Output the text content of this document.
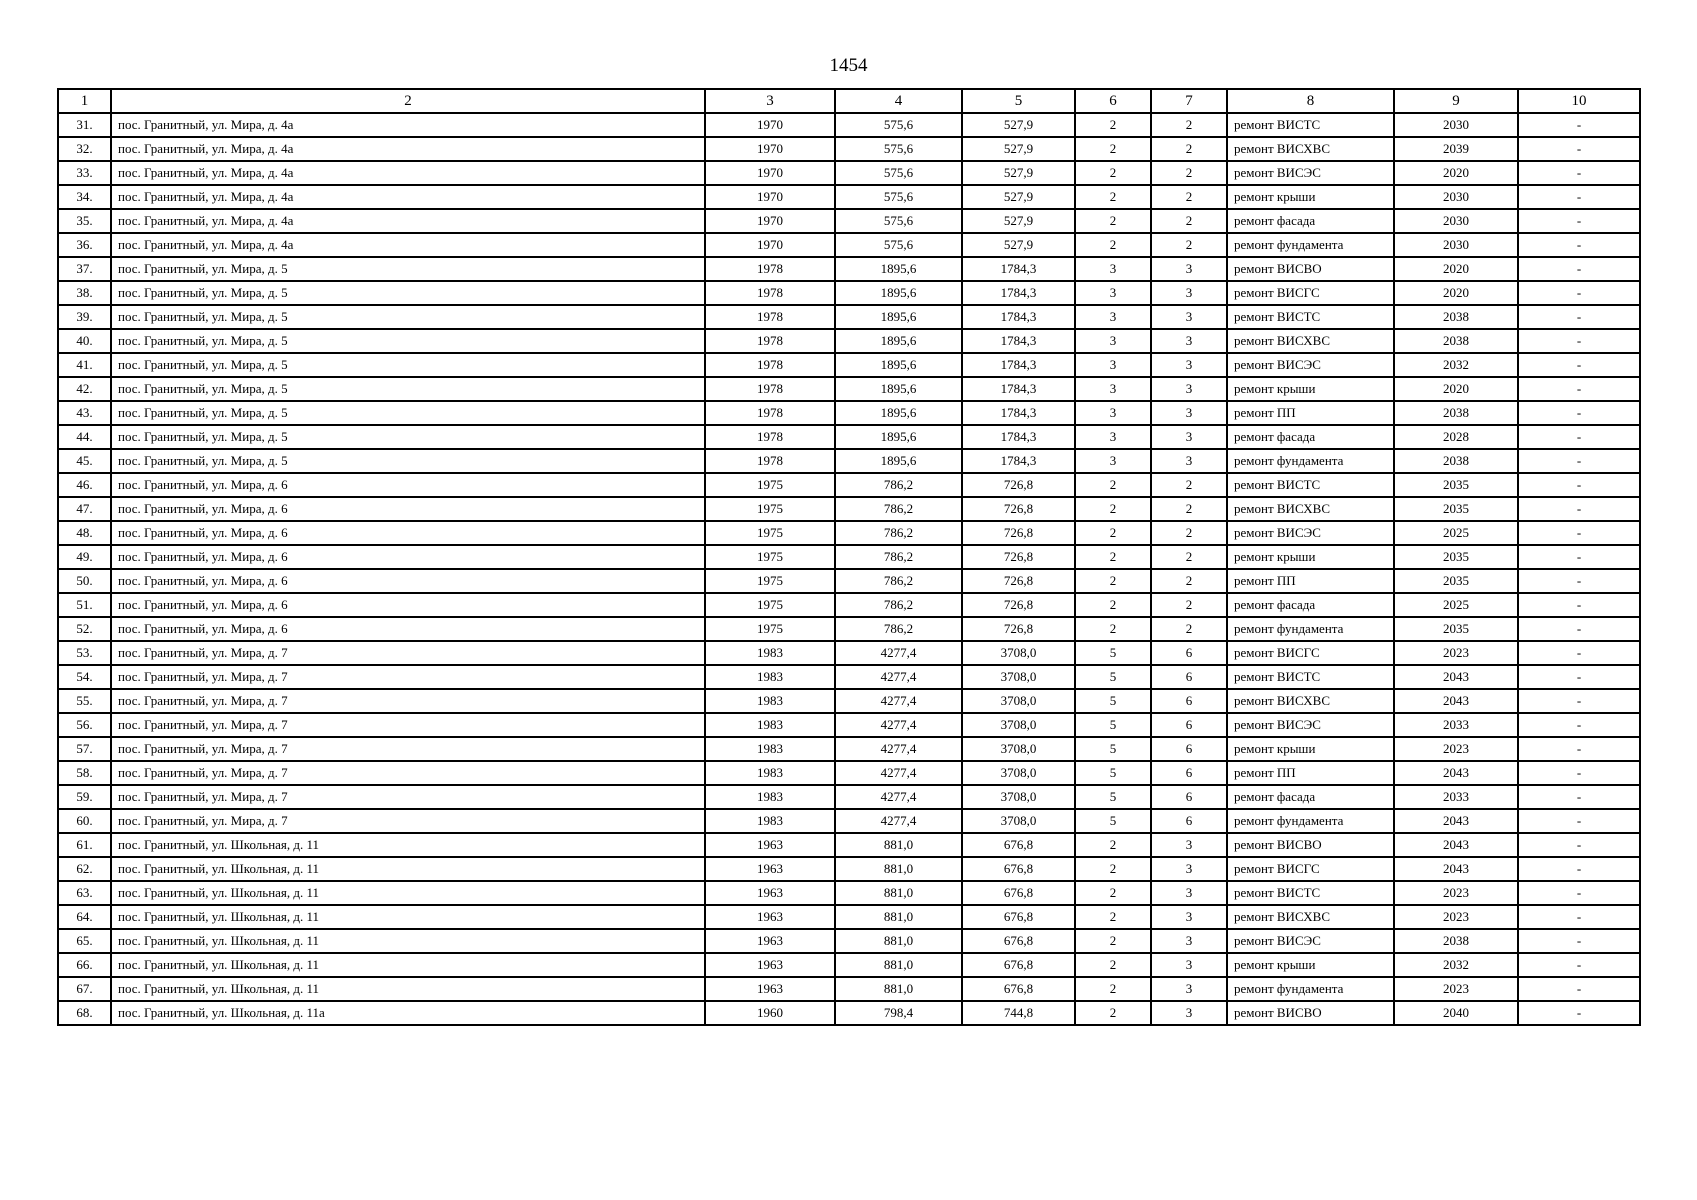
1454
1	2	3	4	5	6	7	8	9	10
31.	пос. Гранитный, ул. Мира, д. 4а	1970	575,6	527,9	2	2	ремонт ВИСТС	2030	-
32.	пос. Гранитный, ул. Мира, д. 4а	1970	575,6	527,9	2	2	ремонт ВИСХВС	2039	-
33.	пос. Гранитный, ул. Мира, д. 4а	1970	575,6	527,9	2	2	ремонт ВИСЭС	2020	-
34.	пос. Гранитный, ул. Мира, д. 4а	1970	575,6	527,9	2	2	ремонт крыши	2030	-
35.	пос. Гранитный, ул. Мира, д. 4а	1970	575,6	527,9	2	2	ремонт фасада	2030	-
36.	пос. Гранитный, ул. Мира, д. 4а	1970	575,6	527,9	2	2	ремонт фундамента	2030	-
37.	пос. Гранитный, ул. Мира, д. 5	1978	1895,6	1784,3	3	3	ремонт ВИСВО	2020	-
38.	пос. Гранитный, ул. Мира, д. 5	1978	1895,6	1784,3	3	3	ремонт ВИСГС	2020	-
39.	пос. Гранитный, ул. Мира, д. 5	1978	1895,6	1784,3	3	3	ремонт ВИСТС	2038	-
40.	пос. Гранитный, ул. Мира, д. 5	1978	1895,6	1784,3	3	3	ремонт ВИСХВС	2038	-
41.	пос. Гранитный, ул. Мира, д. 5	1978	1895,6	1784,3	3	3	ремонт ВИСЭС	2032	-
42.	пос. Гранитный, ул. Мира, д. 5	1978	1895,6	1784,3	3	3	ремонт крыши	2020	-
43.	пос. Гранитный, ул. Мира, д. 5	1978	1895,6	1784,3	3	3	ремонт ПП	2038	-
44.	пос. Гранитный, ул. Мира, д. 5	1978	1895,6	1784,3	3	3	ремонт фасада	2028	-
45.	пос. Гранитный, ул. Мира, д. 5	1978	1895,6	1784,3	3	3	ремонт фундамента	2038	-
46.	пос. Гранитный, ул. Мира, д. 6	1975	786,2	726,8	2	2	ремонт ВИСТС	2035	-
47.	пос. Гранитный, ул. Мира, д. 6	1975	786,2	726,8	2	2	ремонт ВИСХВС	2035	-
48.	пос. Гранитный, ул. Мира, д. 6	1975	786,2	726,8	2	2	ремонт ВИСЭС	2025	-
49.	пос. Гранитный, ул. Мира, д. 6	1975	786,2	726,8	2	2	ремонт крыши	2035	-
50.	пос. Гранитный, ул. Мира, д. 6	1975	786,2	726,8	2	2	ремонт ПП	2035	-
51.	пос. Гранитный, ул. Мира, д. 6	1975	786,2	726,8	2	2	ремонт фасада	2025	-
52.	пос. Гранитный, ул. Мира, д. 6	1975	786,2	726,8	2	2	ремонт фундамента	2035	-
53.	пос. Гранитный, ул. Мира, д. 7	1983	4277,4	3708,0	5	6	ремонт ВИСГС	2023	-
54.	пос. Гранитный, ул. Мира, д. 7	1983	4277,4	3708,0	5	6	ремонт ВИСТС	2043	-
55.	пос. Гранитный, ул. Мира, д. 7	1983	4277,4	3708,0	5	6	ремонт ВИСХВС	2043	-
56.	пос. Гранитный, ул. Мира, д. 7	1983	4277,4	3708,0	5	6	ремонт ВИСЭС	2033	-
57.	пос. Гранитный, ул. Мира, д. 7	1983	4277,4	3708,0	5	6	ремонт крыши	2023	-
58.	пос. Гранитный, ул. Мира, д. 7	1983	4277,4	3708,0	5	6	ремонт ПП	2043	-
59.	пос. Гранитный, ул. Мира, д. 7	1983	4277,4	3708,0	5	6	ремонт фасада	2033	-
60.	пос. Гранитный, ул. Мира, д. 7	1983	4277,4	3708,0	5	6	ремонт фундамента	2043	-
61.	пос. Гранитный, ул. Школьная, д. 11	1963	881,0	676,8	2	3	ремонт ВИСВО	2043	-
62.	пос. Гранитный, ул. Школьная, д. 11	1963	881,0	676,8	2	3	ремонт ВИСГС	2043	-
63.	пос. Гранитный, ул. Школьная, д. 11	1963	881,0	676,8	2	3	ремонт ВИСТС	2023	-
64.	пос. Гранитный, ул. Школьная, д. 11	1963	881,0	676,8	2	3	ремонт ВИСХВС	2023	-
65.	пос. Гранитный, ул. Школьная, д. 11	1963	881,0	676,8	2	3	ремонт ВИСЭС	2038	-
66.	пос. Гранитный, ул. Школьная, д. 11	1963	881,0	676,8	2	3	ремонт крыши	2032	-
67.	пос. Гранитный, ул. Школьная, д. 11	1963	881,0	676,8	2	3	ремонт фундамента	2023	-
68.	пос. Гранитный, ул. Школьная, д. 11а	1960	798,4	744,8	2	3	ремонт ВИСВО	2040	-
